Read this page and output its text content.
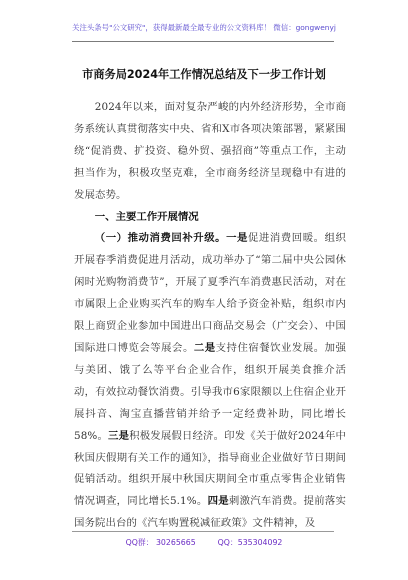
关注头条号"公文研究"，获得最新最全最专业的公文资料库！ 微信：gongwenyj
市商务局2024年工作情况总结及下一步工作计划

2024年以来，面对复杂严峻的内外经济形势，全市商务系统认真贯彻落实中央、省和X市各项决策部署，紧紧围绕“促消费、扩投资、稳外贸、强招商”等重点工作，主动担当作为，积极攻坚克难，全市商务经济呈现稳中有进的发展态势。

一、主要工作开展情况

（一）推动消费回补升级。一是促进消费回暖。组织开展春季消费促进月活动，成功举办了“第二届中央公园休闲时光购物消费节”，开展了夏季汽车消费惠民活动，对在市属限上企业购买汽车的购车人给予资金补贴，组织市内限上商贸企业参加中国进出口商品交易会（广交会）、中国国际进口博览会等展会。二是支持住宿餐饮业发展。加强与美团、饿了么等平台企业合作，组织开展美食推介活动，有效拉动餐饮消费。引导我市6家限额以上住宿企业开展抖音、淘宝直播营销并给予一定经费补助，同比增长58%。三是积极发展假日经济。印发《关于做好2024年中秋国庆假期有关工作的通知》，指导商业企业做好节日期间促销活动。组织开展中秋国庆期间全市重点零售企业销售情况调查，同比增长5.1%。四是刺激汽车消费。提前落实国务院出台的《汽车购置税减征政策》文件精神，及

QQ群： 30265665	QQ：535304092
